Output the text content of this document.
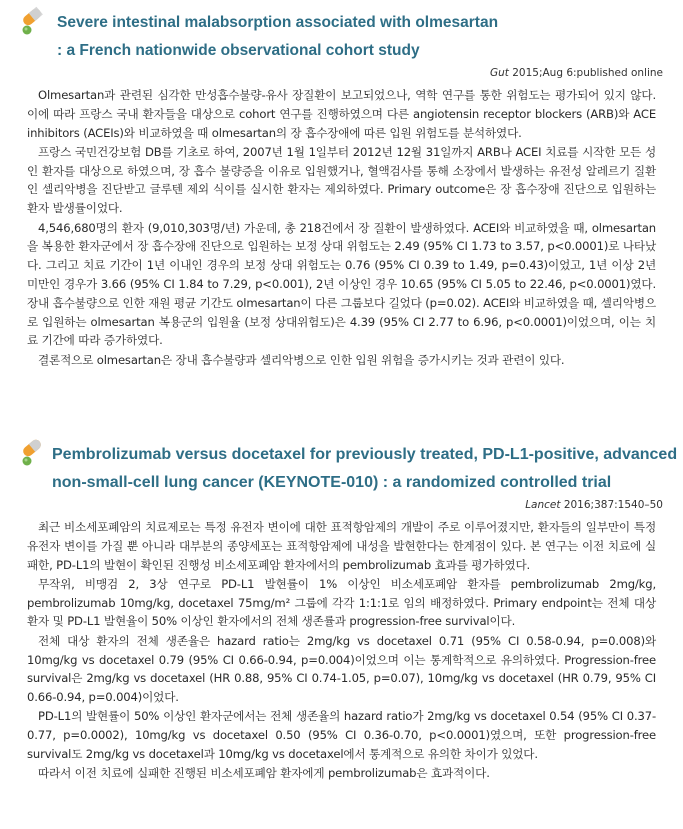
Severe intestinal malabsorption associated with olmesartan
: a French nationwide observational cohort study
Gut 2015;Aug 6:published online

Olmesartan과 관련된 심각한 만성흡수불량-유사 장질환이 보고되었으나, 역학 연구를 통한 위험도는 평가되어 있지 않다. 이에 따라 프랑스 국내 환자들을 대상으로 cohort 연구를 진행하였으며 다른 angiotensin receptor blockers (ARB)와 ACE inhibitors (ACEIs)와 비교하였을 때 olmesartan의 장 흡수장애에 따른 입원 위험도를 분석하였다.

프랑스 국민건강보험 DB를 기초로 하여, 2007년 1월 1일부터 2012년 12월 31일까지 ARB나 ACEI 치료를 시작한 모든 성인 환자를 대상으로 하였으며, 장 흡수 불량증을 이유로 입원했거나, 혈액검사를 통해 소장에서 발생하는 유전성 알레르기 질환인 셀리악병을 진단받고 글루텐 제외 식이를 실시한 환자는 제외하였다. Primary outcome은 장 흡수장애 진단으로 입원하는 환자 발생률이었다.

4,546,680명의 환자 (9,010,303명/년) 가운데, 총 218건에서 장 질환이 발생하였다. ACEI와 비교하였을 때, olmesartan을 복용한 환자군에서 장 흡수장애 진단으로 입원하는 보정 상대 위험도는 2.49 (95% CI 1.73 to 3.57, p<0.0001)로 나타났다. 그리고 치료 기간이 1년 이내인 경우의 보정 상대 위험도는 0.76 (95% CI 0.39 to 1.49, p=0.43)이었고, 1년 이상 2년 미만인 경우가 3.66 (95% CI 1.84 to 7.29, p<0.001), 2년 이상인 경우 10.65 (95% CI 5.05 to 22.46, p<0.0001)였다. 장내 흡수불량으로 인한 재원 평균 기간도 olmesartan이 다른 그룹보다 길었다 (p=0.02). ACEI와 비교하였을 때, 셀리악병으로 입원하는 olmesartan 복용군의 입원율 (보정 상대위험도)은 4.39 (95% CI 2.77 to 6.96, p<0.0001)이었으며, 이는 치료 기간에 따라 증가하였다.

결론적으로 olmesartan은 장내 흡수불량과 셀리악병으로 인한 입원 위험을 증가시키는 것과 관련이 있다.

Pembrolizumab versus docetaxel for previously treated, PD-L1-positive, advanced
non-small-cell lung cancer (KEYNOTE-010) : a randomized controlled trial
Lancet 2016;387:1540–50

최근 비소세포폐암의 치료제로는 특정 유전자 변이에 대한 표적항암제의 개발이 주로 이루어졌지만, 환자들의 일부만이 특정 유전자 변이를 가질 뿐 아니라 대부분의 종양세포는 표적항암제에 내성을 발현한다는 한계점이 있다. 본 연구는 이전 치료에 실패한, PD-L1의 발현이 확인된 진행성 비소세포폐암 환자에서의 pembrolizumab 효과를 평가하였다.

무작위, 비맹검 2, 3상 연구로 PD-L1 발현률이 1% 이상인 비소세포폐암 환자를 pembrolizumab 2mg/kg, pembrolizumab 10mg/kg, docetaxel 75mg/m² 그룹에 각각 1:1:1로 임의 배정하였다. Primary endpoint는 전체 대상 환자 및 PD-L1 발현율이 50% 이상인 환자에서의 전체 생존률과 progression-free survival이다.

전체 대상 환자의 전체 생존율은 hazard ratio는 2mg/kg vs docetaxel 0.71 (95% CI 0.58-0.94, p=0.008)와 10mg/kg vs docetaxel 0.79 (95% CI 0.66-0.94, p=0.004)이었으며 이는 통계학적으로 유의하였다. Progression-free survival은 2mg/kg vs docetaxel (HR 0.88, 95% CI 0.74-1.05, p=0.07), 10mg/kg vs docetaxel (HR 0.79, 95% CI 0.66-0.94, p=0.004)이었다.

PD-L1의 발현률이 50% 이상인 환자군에서는 전체 생존율의 hazard ratio가 2mg/kg vs docetaxel 0.54 (95% CI 0.37-0.77, p=0.0002), 10mg/kg vs docetaxel 0.50 (95% CI 0.36-0.70, p<0.0001)였으며, 또한 progression-free survival도 2mg/kg vs docetaxel과 10mg/kg vs docetaxel에서 통계적으로 유의한 차이가 있었다.

따라서 이전 치료에 실패한 진행된 비소세포폐암 환자에게 pembrolizumab은 효과적이다.
